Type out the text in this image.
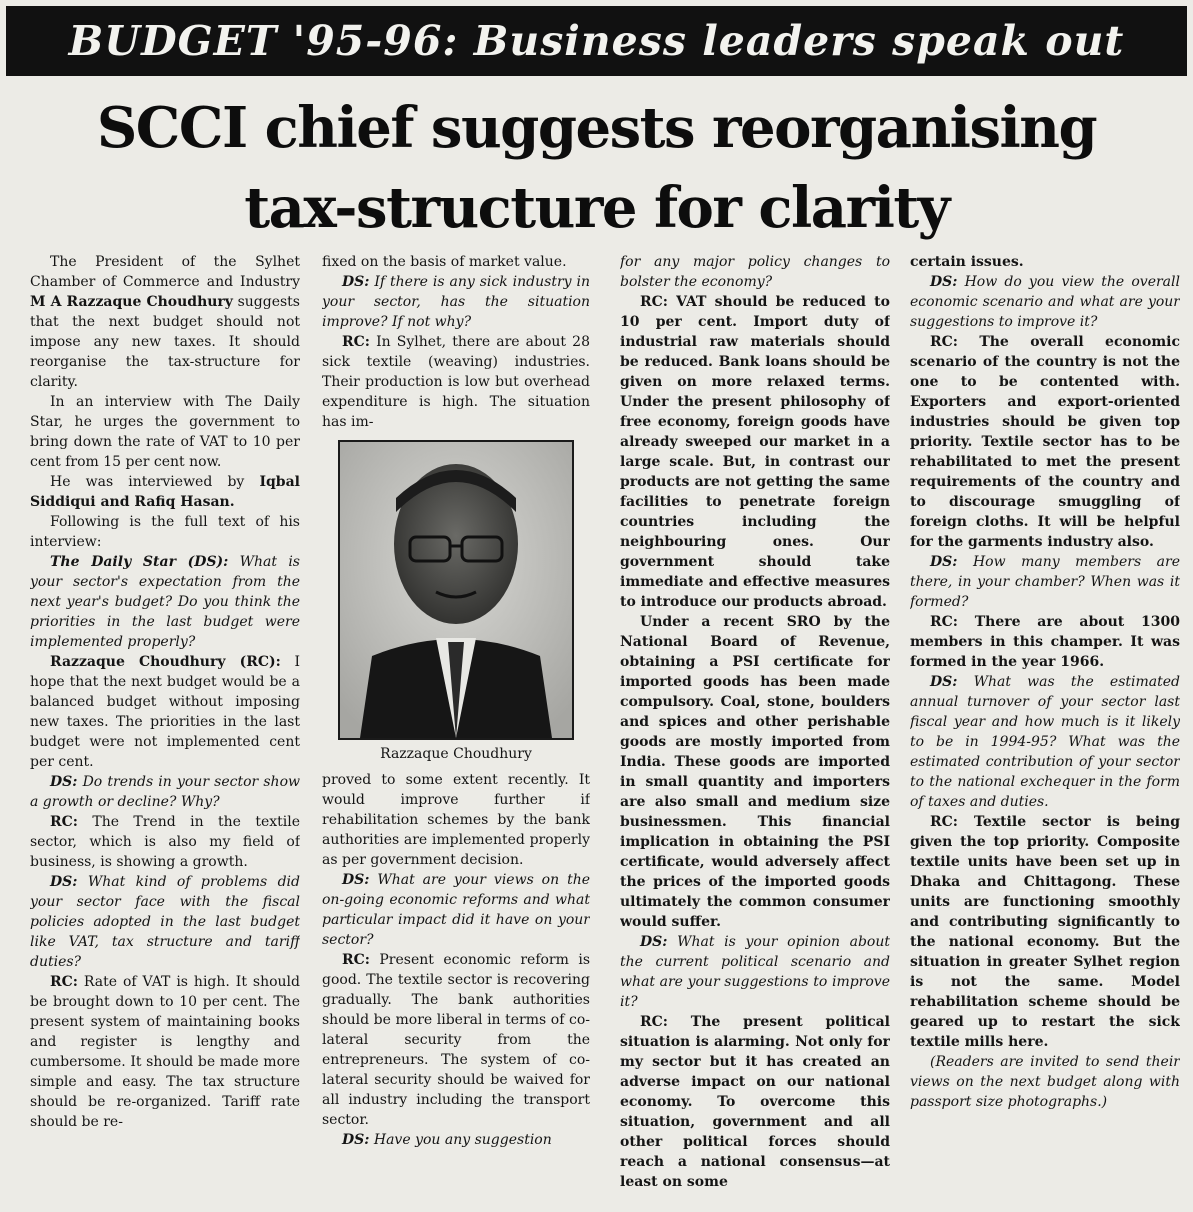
BUDGET '95-96: Business leaders speak out
SCCI chief suggests reorganising
tax-structure for clarity

The President of the Sylhet Chamber of Commerce and Industry M A Razzaque Choudhury suggests that the next budget should not impose any new taxes. It should reorganise the tax-structure for clarity.

In an interview with The Daily Star, he urges the government to bring down the rate of VAT to 10 per cent from 15 per cent now.

He was interviewed by Iqbal Siddiqui and Rafiq Hasan.

Following is the full text of his interview:

The Daily Star (DS): What is your sector's expectation from the next year's budget? Do you think the priorities in the last budget were implemented properly?

Razzaque Choudhury (RC): I hope that the next budget would be a balanced budget without imposing new taxes. The priorities in the last budget were not implemented cent per cent.

DS: Do trends in your sector show a growth or decline? Why?

RC: The Trend in the textile sector, which is also my field of business, is showing a growth.

DS: What kind of problems did your sector face with the fiscal policies adopted in the last budget like VAT, tax structure and tariff duties?

RC: Rate of VAT is high. It should be brought down to 10 per cent. The present system of maintaining books and register is lengthy and cumbersome. It should be made more simple and easy. The tax structure should be re-organized. Tariff rate should be re-

fixed on the basis of market value.

DS: If there is any sick industry in your sector, has the situation improve? If not why?

RC: In Sylhet, there are about 28 sick textile (weaving) industries. Their production is low but overhead expenditure is high. The situation has im-

Razzaque Choudhury

proved to some extent recently. It would improve further if rehabilitation schemes by the bank authorities are implemented properly as per government decision.

DS: What are your views on the on-going economic reforms and what particular impact did it have on your sector?

RC: Present economic reform is good. The textile sector is recovering gradually. The bank authorities should be more liberal in terms of co-lateral security from the entrepreneurs. The system of co-lateral security should be waived for all industry including the transport sector.

DS: Have you any suggestion

for any major policy changes to bolster the economy?

RC: VAT should be reduced to 10 per cent. Import duty of industrial raw materials should be reduced. Bank loans should be given on more relaxed terms. Under the present philosophy of free economy, foreign goods have already sweeped our market in a large scale. But, in contrast our products are not getting the same facilities to penetrate foreign countries including the neighbouring ones. Our government should take immediate and effective measures to introduce our products abroad.

Under a recent SRO by the National Board of Revenue, obtaining a PSI certificate for imported goods has been made compulsory. Coal, stone, boulders and spices and other perishable goods are mostly imported from India. These goods are imported in small quantity and importers are also small and medium size businessmen. This financial implication in obtaining the PSI certificate, would adversely affect the prices of the imported goods ultimately the common consumer would suffer.

DS: What is your opinion about the current political scenario and what are your suggestions to improve it?

RC: The present political situation is alarming. Not only for my sector but it has created an adverse impact on our national economy. To overcome this situation, government and all other political forces should reach a national consensus—at least on some

certain issues.

DS: How do you view the overall economic scenario and what are your suggestions to improve it?

RC: The overall economic scenario of the country is not the one to be contented with. Exporters and export-oriented industries should be given top priority. Textile sector has to be rehabilitated to met the present requirements of the country and to discourage smuggling of foreign cloths. It will be helpful for the garments industry also.

DS: How many members are there, in your chamber? When was it formed?

RC: There are about 1300 members in this champer. It was formed in the year 1966.

DS: What was the estimated annual turnover of your sector last fiscal year and how much is it likely to be in 1994-95? What was the estimated contribution of your sector to the national exchequer in the form of taxes and duties.

RC: Textile sector is being given the top priority. Composite textile units have been set up in Dhaka and Chittagong. These units are functioning smoothly and contributing significantly to the national economy. But the situation in greater Sylhet region is not the same. Model rehabilitation scheme should be geared up to restart the sick textile mills here.

(Readers are invited to send their views on the next budget along with passport size photographs.)
